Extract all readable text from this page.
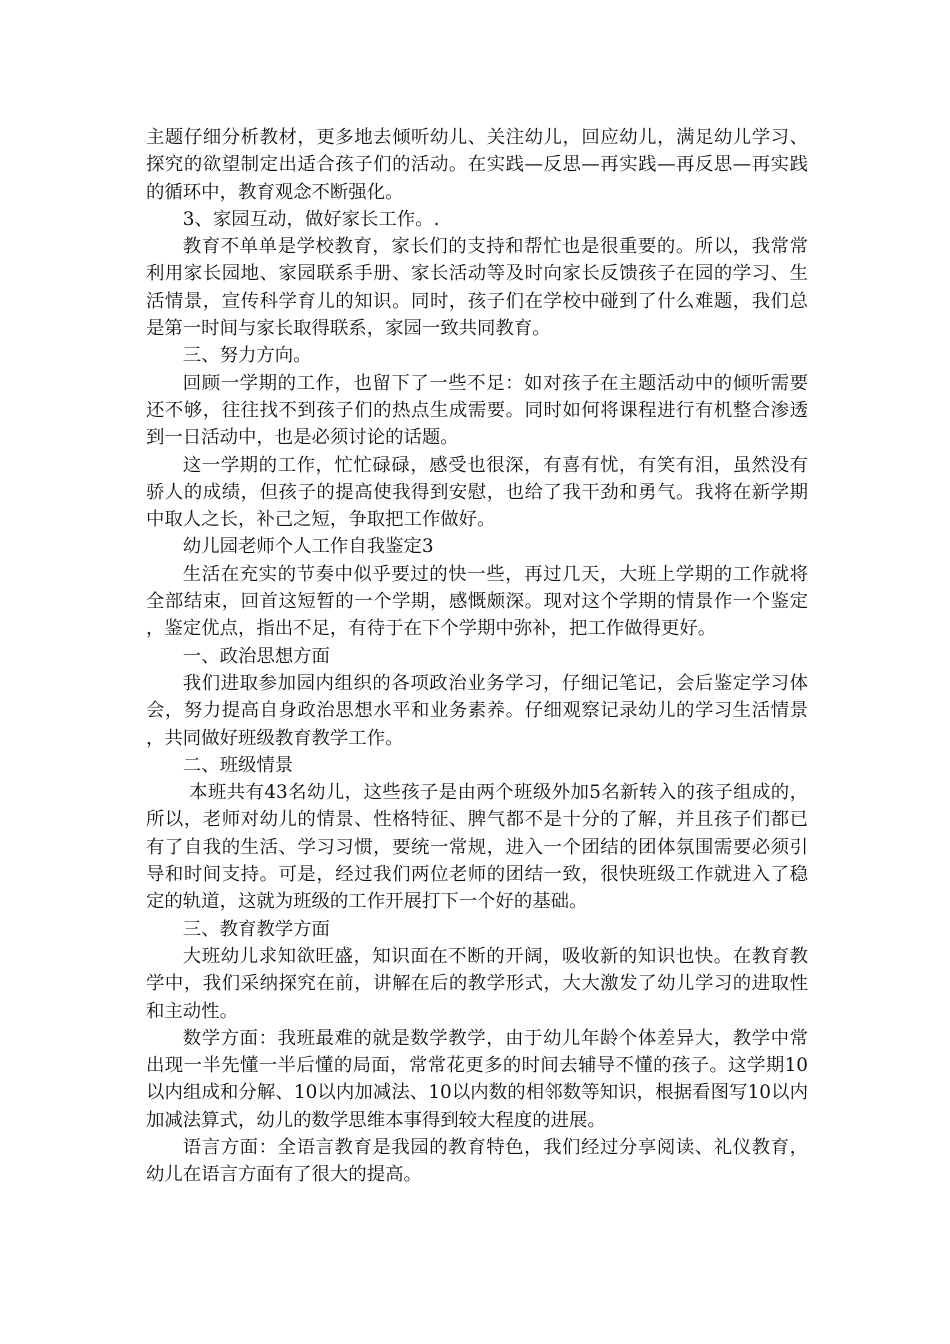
主题仔细分析教材，更多地去倾听幼儿、关注幼儿，回应幼儿，满足幼儿学习、探究的欲望制定出适合孩子们的活动。在实践—反思—再实践—再反思—再实践的循环中，教育观念不断强化。

3、家园互动，做好家长工作。.

教育不单单是学校教育，家长们的支持和帮忙也是很重要的。所以，我常常利用家长园地、家园联系手册、家长活动等及时向家长反馈孩子在园的学习、生活情景，宣传科学育儿的知识。同时，孩子们在学校中碰到了什么难题，我们总是第一时间与家长取得联系，家园一致共同教育。

三、努力方向。

回顾一学期的工作，也留下了一些不足：如对孩子在主题活动中的倾听需要还不够，往往找不到孩子们的热点生成需要。同时如何将课程进行有机整合渗透到一日活动中，也是必须讨论的话题。

这一学期的工作，忙忙碌碌，感受也很深，有喜有忧，有笑有泪，虽然没有骄人的成绩，但孩子的提高使我得到安慰，也给了我干劲和勇气。我将在新学期中取人之长，补己之短，争取把工作做好。

幼儿园老师个人工作自我鉴定3

生活在充实的节奏中似乎要过的快一些，再过几天，大班上学期的工作就将全部结束，回首这短暂的一个学期，感慨颇深。现对这个学期的情景作一个鉴定，鉴定优点，指出不足，有待于在下个学期中弥补，把工作做得更好。

一、政治思想方面

我们进取参加园内组织的各项政治业务学习，仔细记笔记，会后鉴定学习体会，努力提高自身政治思想水平和业务素养。仔细观察记录幼儿的学习生活情景，共同做好班级教育教学工作。

二、班级情景

本班共有43名幼儿，这些孩子是由两个班级外加5名新转入的孩子组成的，所以，老师对幼儿的情景、性格特征、脾气都不是十分的了解，并且孩子们都已有了自我的生活、学习习惯，要统一常规，进入一个团结的团体氛围需要必须引导和时间支持。可是，经过我们两位老师的团结一致，很快班级工作就进入了稳定的轨道，这就为班级的工作开展打下一个好的基础。

三、教育教学方面

大班幼儿求知欲旺盛，知识面在不断的开阔，吸收新的知识也快。在教育教学中，我们采纳探究在前，讲解在后的教学形式，大大激发了幼儿学习的进取性和主动性。

数学方面：我班最难的就是数学教学，由于幼儿年龄个体差异大，教学中常出现一半先懂一半后懂的局面，常常花更多的时间去辅导不懂的孩子。这学期10以内组成和分解、10以内加减法、10以内数的相邻数等知识，根据看图写10以内加减法算式，幼儿的数学思维本事得到较大程度的进展。

语言方面：全语言教育是我园的教育特色，我们经过分享阅读、礼仪教育，幼儿在语言方面有了很大的提高。
